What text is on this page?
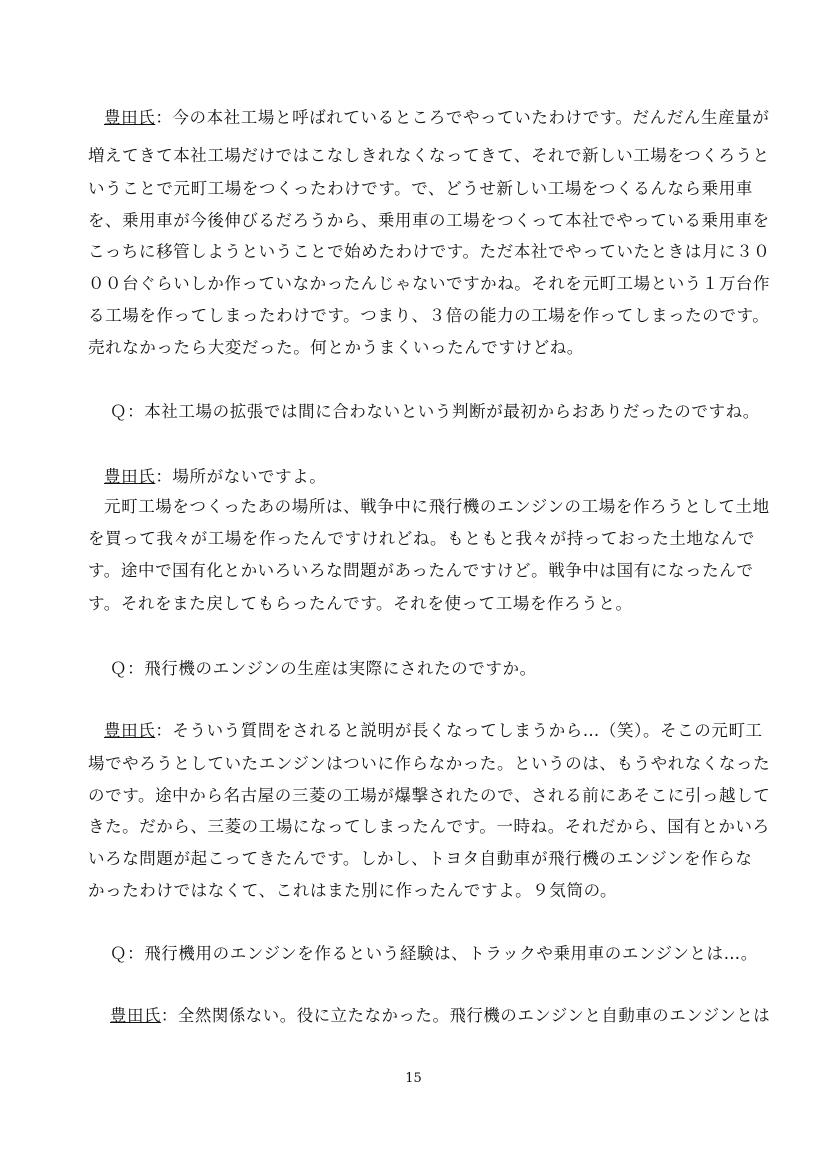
豊田氏：今の本社工場と呼ばれているところでやっていたわけです。だんだん生産量が
増えてきて本社工場だけではこなしきれなくなってきて、それで新しい工場をつくろうと
いうことで元町工場をつくったわけです。で、どうせ新しい工場をつくるんなら乗用車
を、乗用車が今後伸びるだろうから、乗用車の工場をつくって本社でやっている乗用車を
こっちに移管しようということで始めたわけです。ただ本社でやっていたときは月に３０
００台ぐらいしか作っていなかったんじゃないですかね。それを元町工場という１万台作
る工場を作ってしまったわけです。つまり、３倍の能力の工場を作ってしまったのです。
売れなかったら大変だった。何とかうまくいったんですけどね。
Ｑ：本社工場の拡張では間に合わないという判断が最初からおありだったのですね。
豊田氏：場所がないですよ。
元町工場をつくったあの場所は、戦争中に飛行機のエンジンの工場を作ろうとして土地
を買って我々が工場を作ったんですけれどね。もともと我々が持っておった土地なんで
す。途中で国有化とかいろいろな問題があったんですけど。戦争中は国有になったんで
す。それをまた戻してもらったんです。それを使って工場を作ろうと。
Ｑ：飛行機のエンジンの生産は実際にされたのですか。
豊田氏：そういう質問をされると説明が長くなってしまうから…（笑）。そこの元町工
場でやろうとしていたエンジンはついに作らなかった。というのは、もうやれなくなった
のです。途中から名古屋の三菱の工場が爆撃されたので、される前にあそこに引っ越して
きた。だから、三菱の工場になってしまったんです。一時ね。それだから、国有とかいろ
いろな問題が起こってきたんです。しかし、トヨタ自動車が飛行機のエンジンを作らな
かったわけではなくて、これはまた別に作ったんですよ。９気筒の。
Ｑ：飛行機用のエンジンを作るという経験は、トラックや乗用車のエンジンとは…。
豊田氏：全然関係ない。役に立たなかった。飛行機のエンジンと自動車のエンジンとは
15
